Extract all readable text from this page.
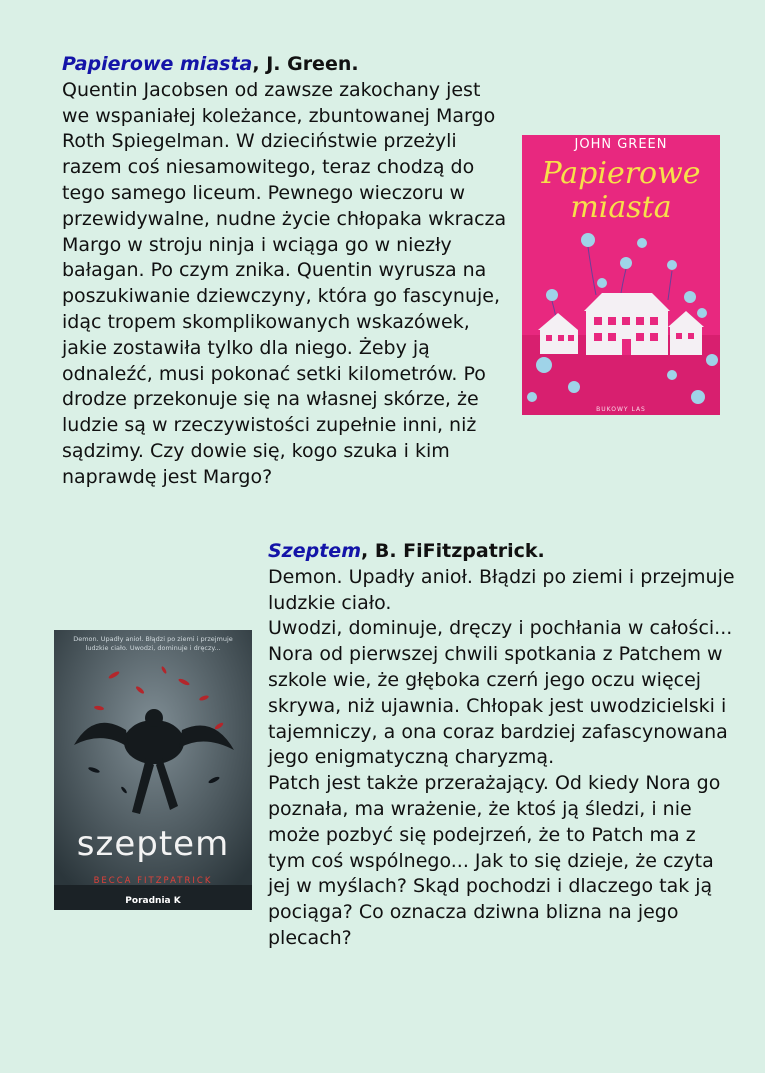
Papierowe miasta, J. Green.

Quentin Jacobsen od zawsze zakochany jest we wspaniałej koleżance, zbuntowanej Margo Roth Spiegelman. W dzieciństwie przeżyli razem coś niesamowitego, teraz chodzą do tego samego liceum. Pewnego wieczoru w przewidywalne, nudne życie chłopaka wkracza Margo w stroju ninja i wciąga go w niezły bałagan. Po czym znika. Quentin wyrusza na poszukiwanie dziewczyny, która go fascynuje, idąc tropem skomplikowanych wskazówek, jakie zostawiła tylko dla niego. Żeby ją odnaleźć, musi pokonać setki kilometrów. Po drodze przekonuje się na własnej skórze, że ludzie są w rzeczywistości zupełnie inni, niż sądzimy. Czy dowie się, kogo szuka i kim naprawdę jest Margo?

JOHN GREEN
Papierowe
miasta
BUKOWY LAS
Demon. Upadły anioł. Błądzi po ziemi i przejmuje ludzkie ciało. Uwodzi, dominuje i dręczy...
szeptem
BECCA FITZPATRICK
Poradnia K

Szeptem, B. FiFitzpatrick.

Demon. Upadły anioł. Błądzi po ziemi i przejmuje ludzkie ciało.

Uwodzi, dominuje, dręczy i pochłania w całości...

Nora od pierwszej chwili spotkania z Patchem w szkole wie, że głęboka czerń jego oczu więcej skrywa, niż ujawnia. Chłopak jest uwodzicielski i tajemniczy, a ona coraz bardziej zafascynowana jego enigmatyczną charyzmą.

Patch jest także przerażający. Od kiedy Nora go poznała, ma wrażenie, że ktoś ją śledzi, i nie może pozbyć się podejrzeń, że to Patch ma z tym coś wspólnego... Jak to się dzieje, że czyta jej w myślach? Skąd pochodzi i dlaczego tak ją pociąga? Co oznacza dziwna blizna na jego plecach?
